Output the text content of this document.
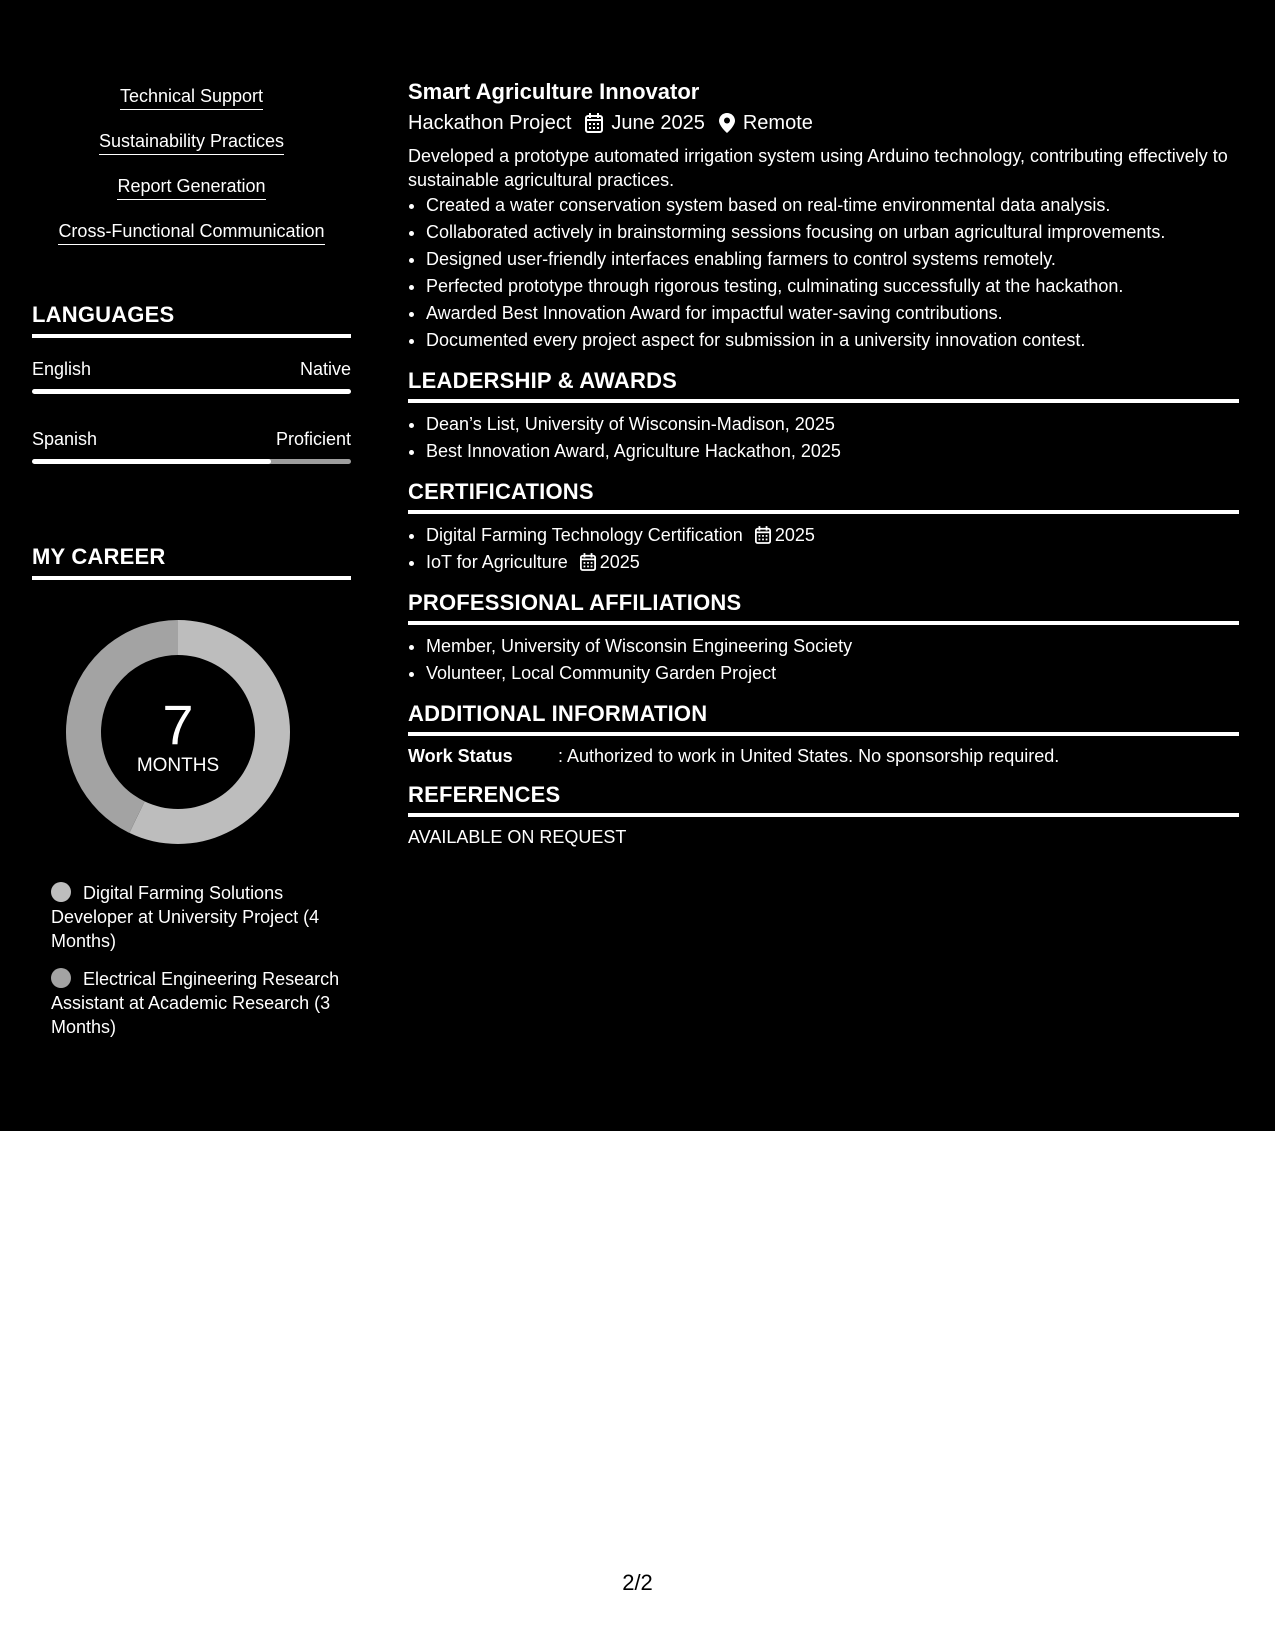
Technical Support
Sustainability Practices
Report Generation
Cross-Functional Communication
LANGUAGES
English	Native
Spanish	Proficient
MY CAREER
7
MONTHS
Digital Farming Solutions Developer at University Project (4 Months)
Electrical Engineering Research Assistant at Academic Research (3 Months)
Smart Agriculture Innovator
Hackathon Project June 2025 Remote
Developed a prototype automated irrigation system using Arduino technology, contributing effectively to sustainable agricultural practices.
• Created a water conservation system based on real-time environmental data analysis.
• Collaborated actively in brainstorming sessions focusing on urban agricultural improvements.
• Designed user-friendly interfaces enabling farmers to control systems remotely.
• Perfected prototype through rigorous testing, culminating successfully at the hackathon.
• Awarded Best Innovation Award for impactful water-saving contributions.
• Documented every project aspect for submission in a university innovation contest.
LEADERSHIP & AWARDS
• Dean’s List, University of Wisconsin-Madison, 2025
• Best Innovation Award, Agriculture Hackathon, 2025
CERTIFICATIONS
• Digital Farming Technology Certification 2025
• IoT for Agriculture 2025
PROFESSIONAL AFFILIATIONS
• Member, University of Wisconsin Engineering Society
• Volunteer, Local Community Garden Project
ADDITIONAL INFORMATION
Work Status	: Authorized to work in United States. No sponsorship required.
REFERENCES
AVAILABLE ON REQUEST
2/2
